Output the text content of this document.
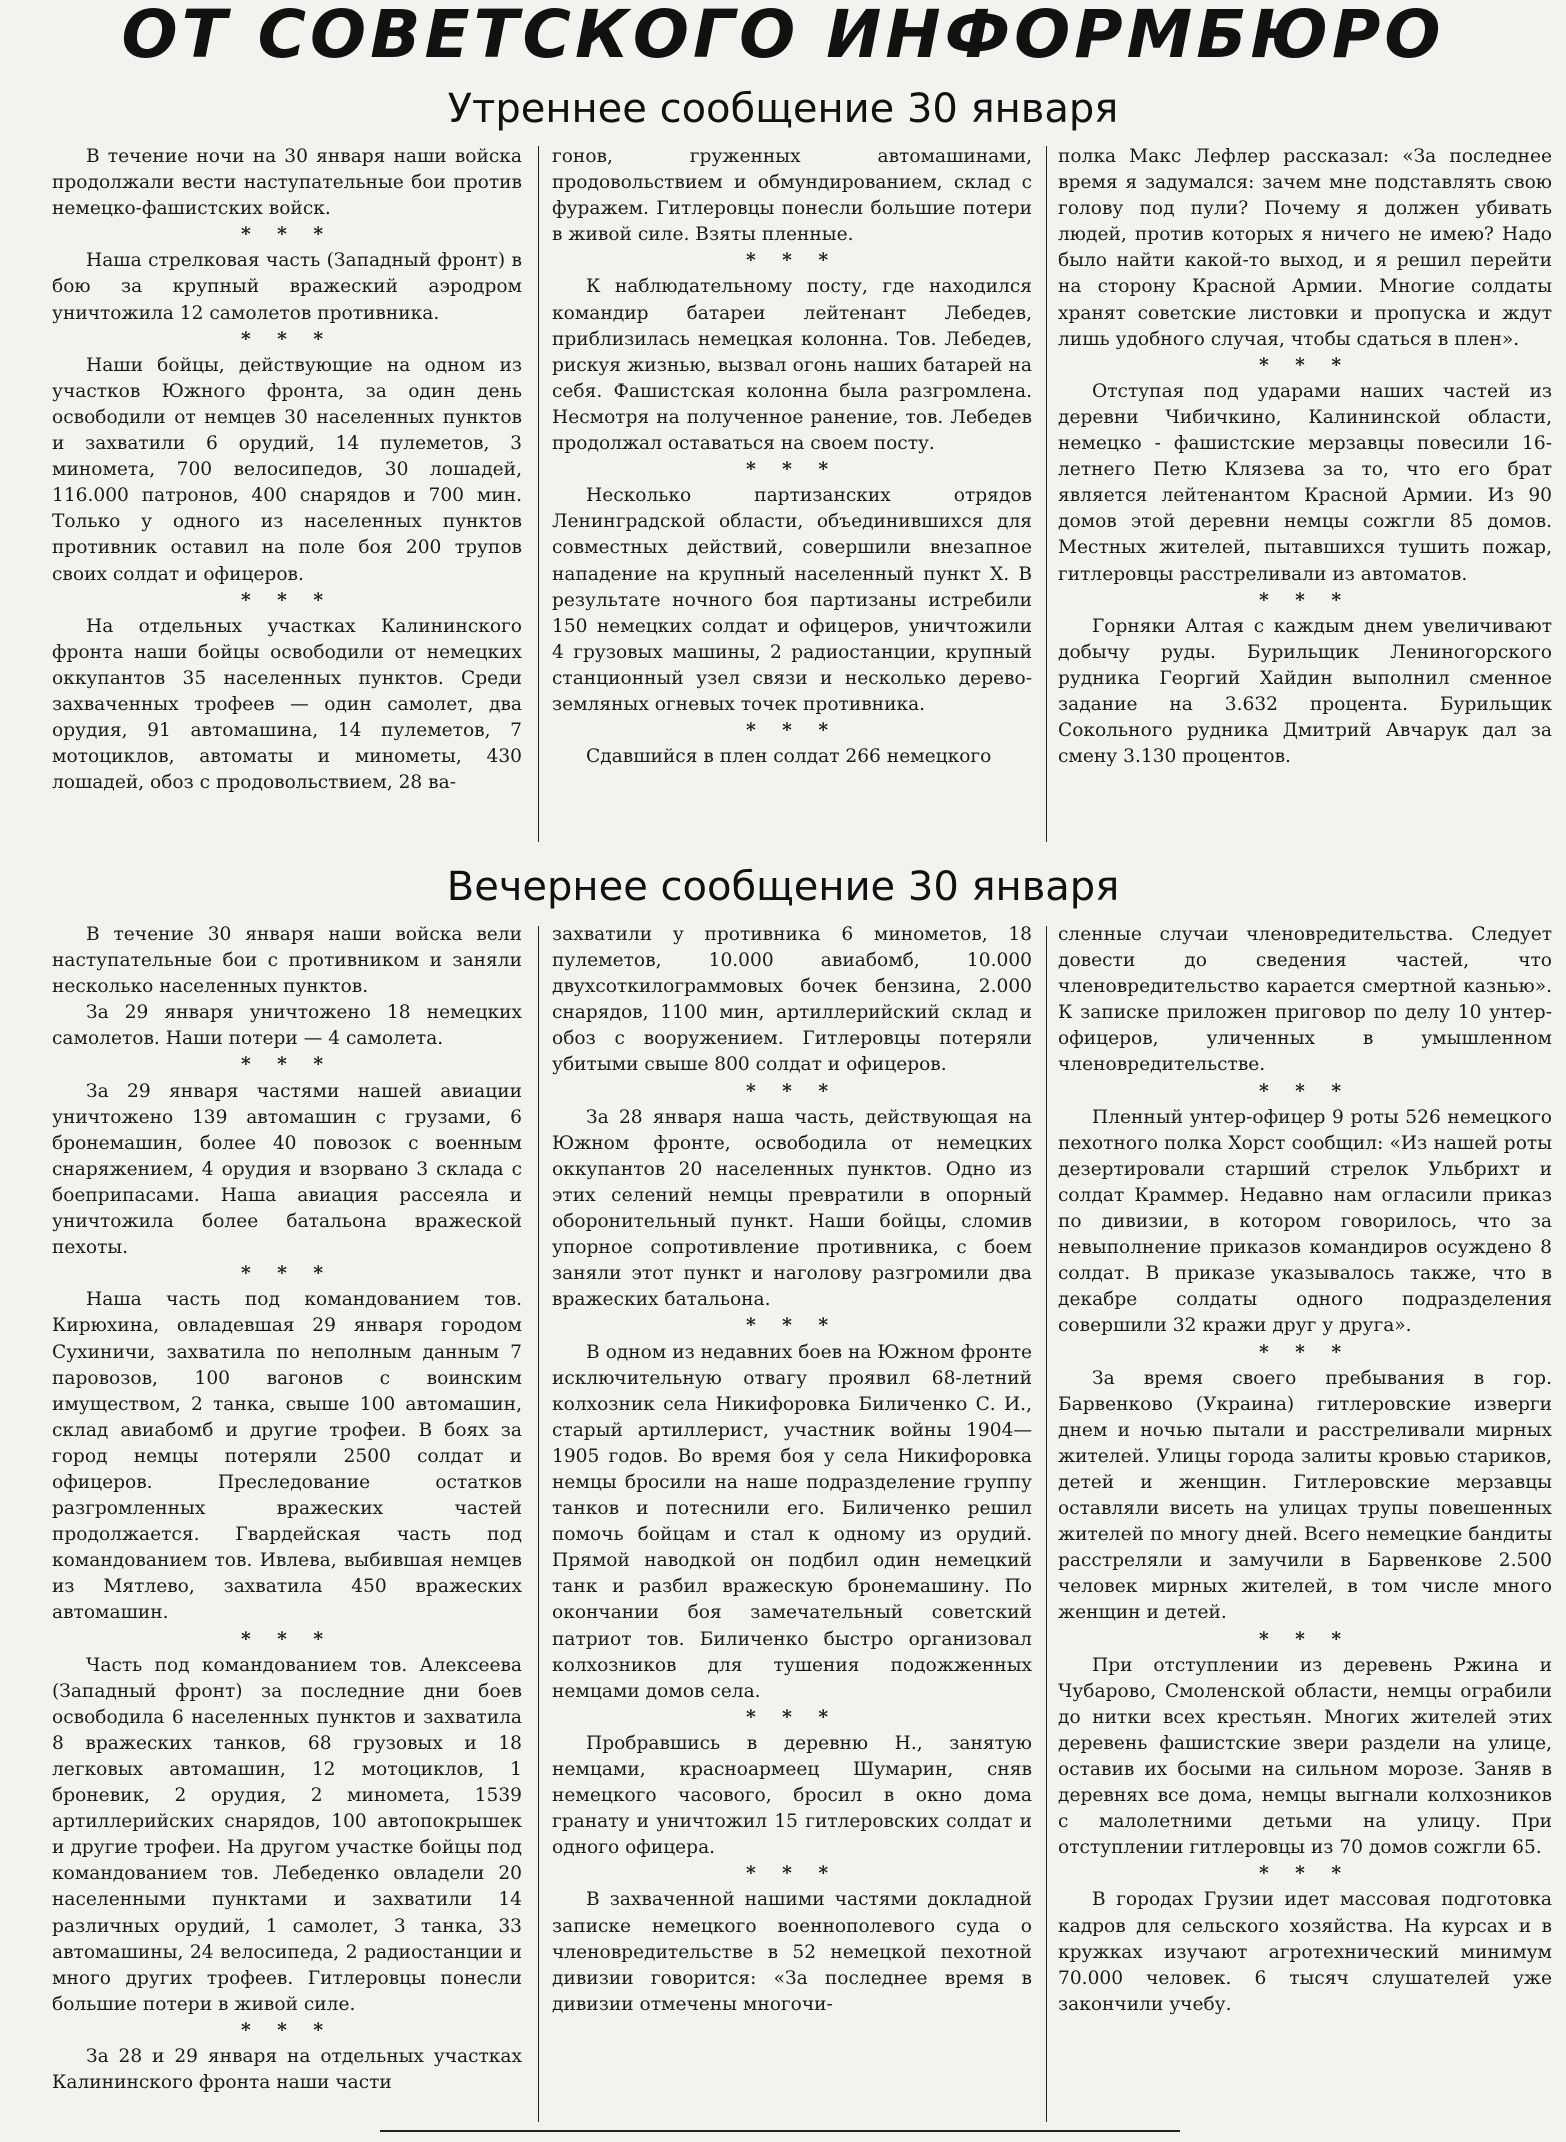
ОТ СОВЕТСКОГО ИНФОРМБЮРО
Утреннее сообщение 30 января

В течение ночи на 30 января наши войска продолжали вести наступательные бои против немецко-фашистских войск.

* * *

Наша стрелковая часть (Западный фронт) в бою за крупный вражеский аэродром уничтожила 12 самолетов противника.

* * *

Наши бойцы, действующие на одном из участков Южного фронта, за один день освободили от немцев 30 населенных пунктов и захватили 6 орудий, 14 пулеметов, 3 миномета, 700 велосипедов, 30 лошадей, 116.000 патронов, 400 снарядов и 700 мин. Только у одного из населенных пунктов противник оставил на поле боя 200 трупов своих солдат и офицеров.

* * *

На отдельных участках Калининского фронта наши бойцы освободили от немецких оккупантов 35 населенных пунктов. Среди захваченных трофеев — один самолет, два орудия, 91 автомашина, 14 пулеметов, 7 мотоциклов, автоматы и минометы, 430 лошадей, обоз с продовольствием, 28 ва-

гонов, груженных автомашинами, продовольствием и обмундированием, склад с фуражем. Гитлеровцы понесли большие потери в живой силе. Взяты пленные.

* * *

К наблюдательному посту, где находился командир батареи лейтенант Лебедев, приблизилась немецкая колонна. Тов. Лебедев, рискуя жизнью, вызвал огонь наших батарей на себя. Фашистская колонна была разгромлена. Несмотря на полученное ранение, тов. Лебедев продолжал оставаться на своем посту.

* * *

Несколько партизанских отрядов Ленинградской области, объединившихся для совместных действий, совершили внезапное нападение на крупный населенный пункт Х. В результате ночного боя партизаны истребили 150 немецких солдат и офицеров, уничтожили 4 грузовых машины, 2 радиостанции, крупный станционный узел связи и несколько дерево-земляных огневых точек противника.

* * *

Сдавшийся в плен солдат 266 немецкого

полка Макс Лефлер рассказал: «За последнее время я задумался: зачем мне подставлять свою голову под пули? Почему я должен убивать людей, против которых я ничего не имею? Надо было найти какой-то выход, и я решил перейти на сторону Красной Армии. Многие солдаты хранят советские листовки и пропуска и ждут лишь удобного случая, чтобы сдаться в плен».

* * *

Отступая под ударами наших частей из деревни Чибичкино, Калининской области, немецко - фашистские мерзавцы повесили 16-летнего Петю Клязева за то, что его брат является лейтенантом Красной Армии. Из 90 домов этой деревни немцы сожгли 85 домов. Местных жителей, пытавшихся тушить пожар, гитлеровцы расстреливали из автоматов.

* * *

Горняки Алтая с каждым днем увеличивают добычу руды. Бурильщик Лениногорского рудника Георгий Хайдин выполнил сменное задание на 3.632 процента. Бурильщик Сокольного рудника Дмитрий Авчарук дал за смену 3.130 процентов.

Вечернее сообщение 30 января

В течение 30 января наши войска вели наступательные бои с противником и заняли несколько населенных пунктов.

За 29 января уничтожено 18 немецких самолетов. Наши потери — 4 самолета.

* * *

За 29 января частями нашей авиации уничтожено 139 автомашин с грузами, 6 бронемашин, более 40 повозок с военным снаряжением, 4 орудия и взорвано 3 склада с боеприпасами. Наша авиация рассеяла и уничтожила более батальона вражеской пехоты.

* * *

Наша часть под командованием тов. Кирюхина, овладевшая 29 января городом Сухиничи, захватила по неполным данным 7 паровозов, 100 вагонов с воинским имуществом, 2 танка, свыше 100 автомашин, склад авиабомб и другие трофеи. В боях за город немцы потеряли 2500 солдат и офицеров. Преследование остатков разгромленных вражеских частей продолжается. Гвардейская часть под командованием тов. Ивлева, выбившая немцев из Мятлево, захватила 450 вражеских автомашин.

* * *

Часть под командованием тов. Алексеева (Западный фронт) за последние дни боев освободила 6 населенных пунктов и захватила 8 вражеских танков, 68 грузовых и 18 легковых автомашин, 12 мотоциклов, 1 броневик, 2 орудия, 2 миномета, 1539 артиллерийских снарядов, 100 автопокрышек и другие трофеи. На другом участке бойцы под командованием тов. Лебеденко овладели 20 населенными пунктами и захватили 14 различных орудий, 1 самолет, 3 танка, 33 автомашины, 24 велосипеда, 2 радиостанции и много других трофеев. Гитлеровцы понесли большие потери в живой силе.

* * *

За 28 и 29 января на отдельных участках Калининского фронта наши части

захватили у противника 6 минометов, 18 пулеметов, 10.000 авиабомб, 10.000 двухсоткилограммовых бочек бензина, 2.000 снарядов, 1100 мин, артиллерийский склад и обоз с вооружением. Гитлеровцы потеряли убитыми свыше 800 солдат и офицеров.

* * *

За 28 января наша часть, действующая на Южном фронте, освободила от немецких оккупантов 20 населенных пунктов. Одно из этих селений немцы превратили в опорный оборонительный пункт. Наши бойцы, сломив упорное сопротивление противника, с боем заняли этот пункт и наголову разгромили два вражеских батальона.

* * *

В одном из недавних боев на Южном фронте исключительную отвагу проявил 68-летний колхозник села Никифоровка Биличенко С. И., старый артиллерист, участник войны 1904—1905 годов. Во время боя у села Никифоровка немцы бросили на наше подразделение группу танков и потеснили его. Биличенко решил помочь бойцам и стал к одному из орудий. Прямой наводкой он подбил один немецкий танк и разбил вражескую бронемашину. По окончании боя замечательный советский патриот тов. Биличенко быстро организовал колхозников для тушения подожженных немцами домов села.

* * *

Пробравшись в деревню Н., занятую немцами, красноармеец Шумарин, сняв немецкого часового, бросил в окно дома гранату и уничтожил 15 гитлеровских солдат и одного офицера.

* * *

В захваченной нашими частями докладной записке немецкого военнополевого суда о членовредительстве в 52 немецкой пехотной дивизии говорится: «За последнее время в дивизии отмечены многочи-

сленные случаи членовредительства. Следует довести до сведения частей, что членовредительство карается смертной казнью». К записке приложен приговор по делу 10 унтер-офицеров, уличенных в умышленном членовредительстве.

* * *

Пленный унтер-офицер 9 роты 526 немецкого пехотного полка Хорст сообщил: «Из нашей роты дезертировали старший стрелок Ульбрихт и солдат Краммер. Недавно нам огласили приказ по дивизии, в котором говорилось, что за невыполнение приказов командиров осуждено 8 солдат. В приказе указывалось также, что в декабре солдаты одного подразделения совершили 32 кражи друг у друга».

* * *

За время своего пребывания в гор. Барвенково (Украина) гитлеровские изверги днем и ночью пытали и расстреливали мирных жителей. Улицы города залиты кровью стариков, детей и женщин. Гитлеровские мерзавцы оставляли висеть на улицах трупы повешенных жителей по многу дней. Всего немецкие бандиты расстреляли и замучили в Барвенкове 2.500 человек мирных жителей, в том числе много женщин и детей.

* * *

При отступлении из деревень Ржина и Чубарово, Смоленской области, немцы ограбили до нитки всех крестьян. Многих жителей этих деревень фашистские звери раздели на улице, оставив их босыми на сильном морозе. Заняв в деревнях все дома, немцы выгнали колхозников с малолетними детьми на улицу. При отступлении гитлеровцы из 70 домов сожгли 65.

* * *

В городах Грузии идет массовая подготовка кадров для сельского хозяйства. На курсах и в кружках изучают агротехнический минимум 70.000 человек. 6 тысяч слушателей уже закончили учебу.
